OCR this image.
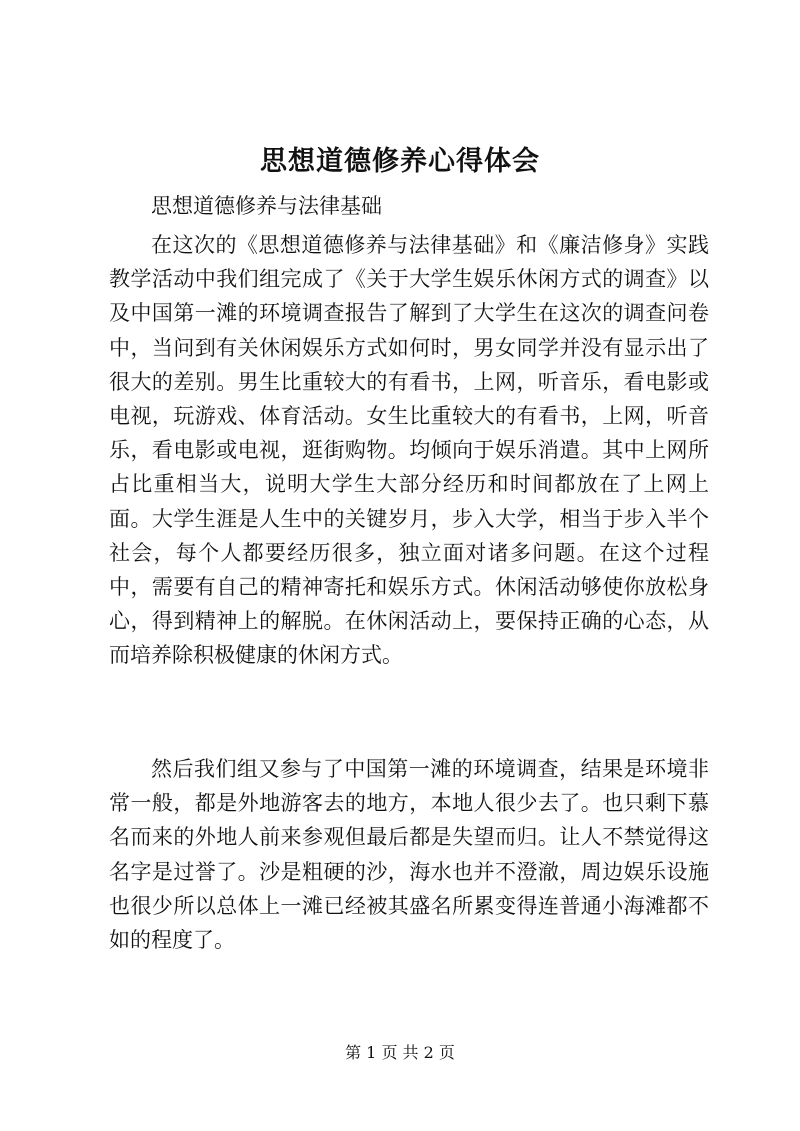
思想道德修养心得体会

思想道德修养与法律基础

在这次的《思想道德修养与法律基础》和《廉洁修身》实践教学活动中我们组完成了《关于大学生娱乐休闲方式的调查》以及中国第一滩的环境调查报告了解到了大学生在这次的调查问卷中，当问到有关休闲娱乐方式如何时，男女同学并没有显示出了很大的差别。男生比重较大的有看书，上网，听音乐，看电影或电视，玩游戏、体育活动。女生比重较大的有看书，上网，听音乐，看电影或电视，逛街购物。均倾向于娱乐消遣。其中上网所占比重相当大，说明大学生大部分经历和时间都放在了上网上面。大学生涯是人生中的关键岁月，步入大学，相当于步入半个社会，每个人都要经历很多，独立面对诸多问题。在这个过程中，需要有自己的精神寄托和娱乐方式。休闲活动够使你放松身心，得到精神上的解脱。在休闲活动上，要保持正确的心态，从而培养除积极健康的休闲方式。

然后我们组又参与了中国第一滩的环境调查，结果是环境非常一般，都是外地游客去的地方，本地人很少去了。也只剩下慕名而来的外地人前来参观但最后都是失望而归。让人不禁觉得这名字是过誉了。沙是粗硬的沙，海水也并不澄澈，周边娱乐设施也很少所以总体上一滩已经被其盛名所累变得连普通小海滩都不如的程度了。

第 1 页 共 2 页
